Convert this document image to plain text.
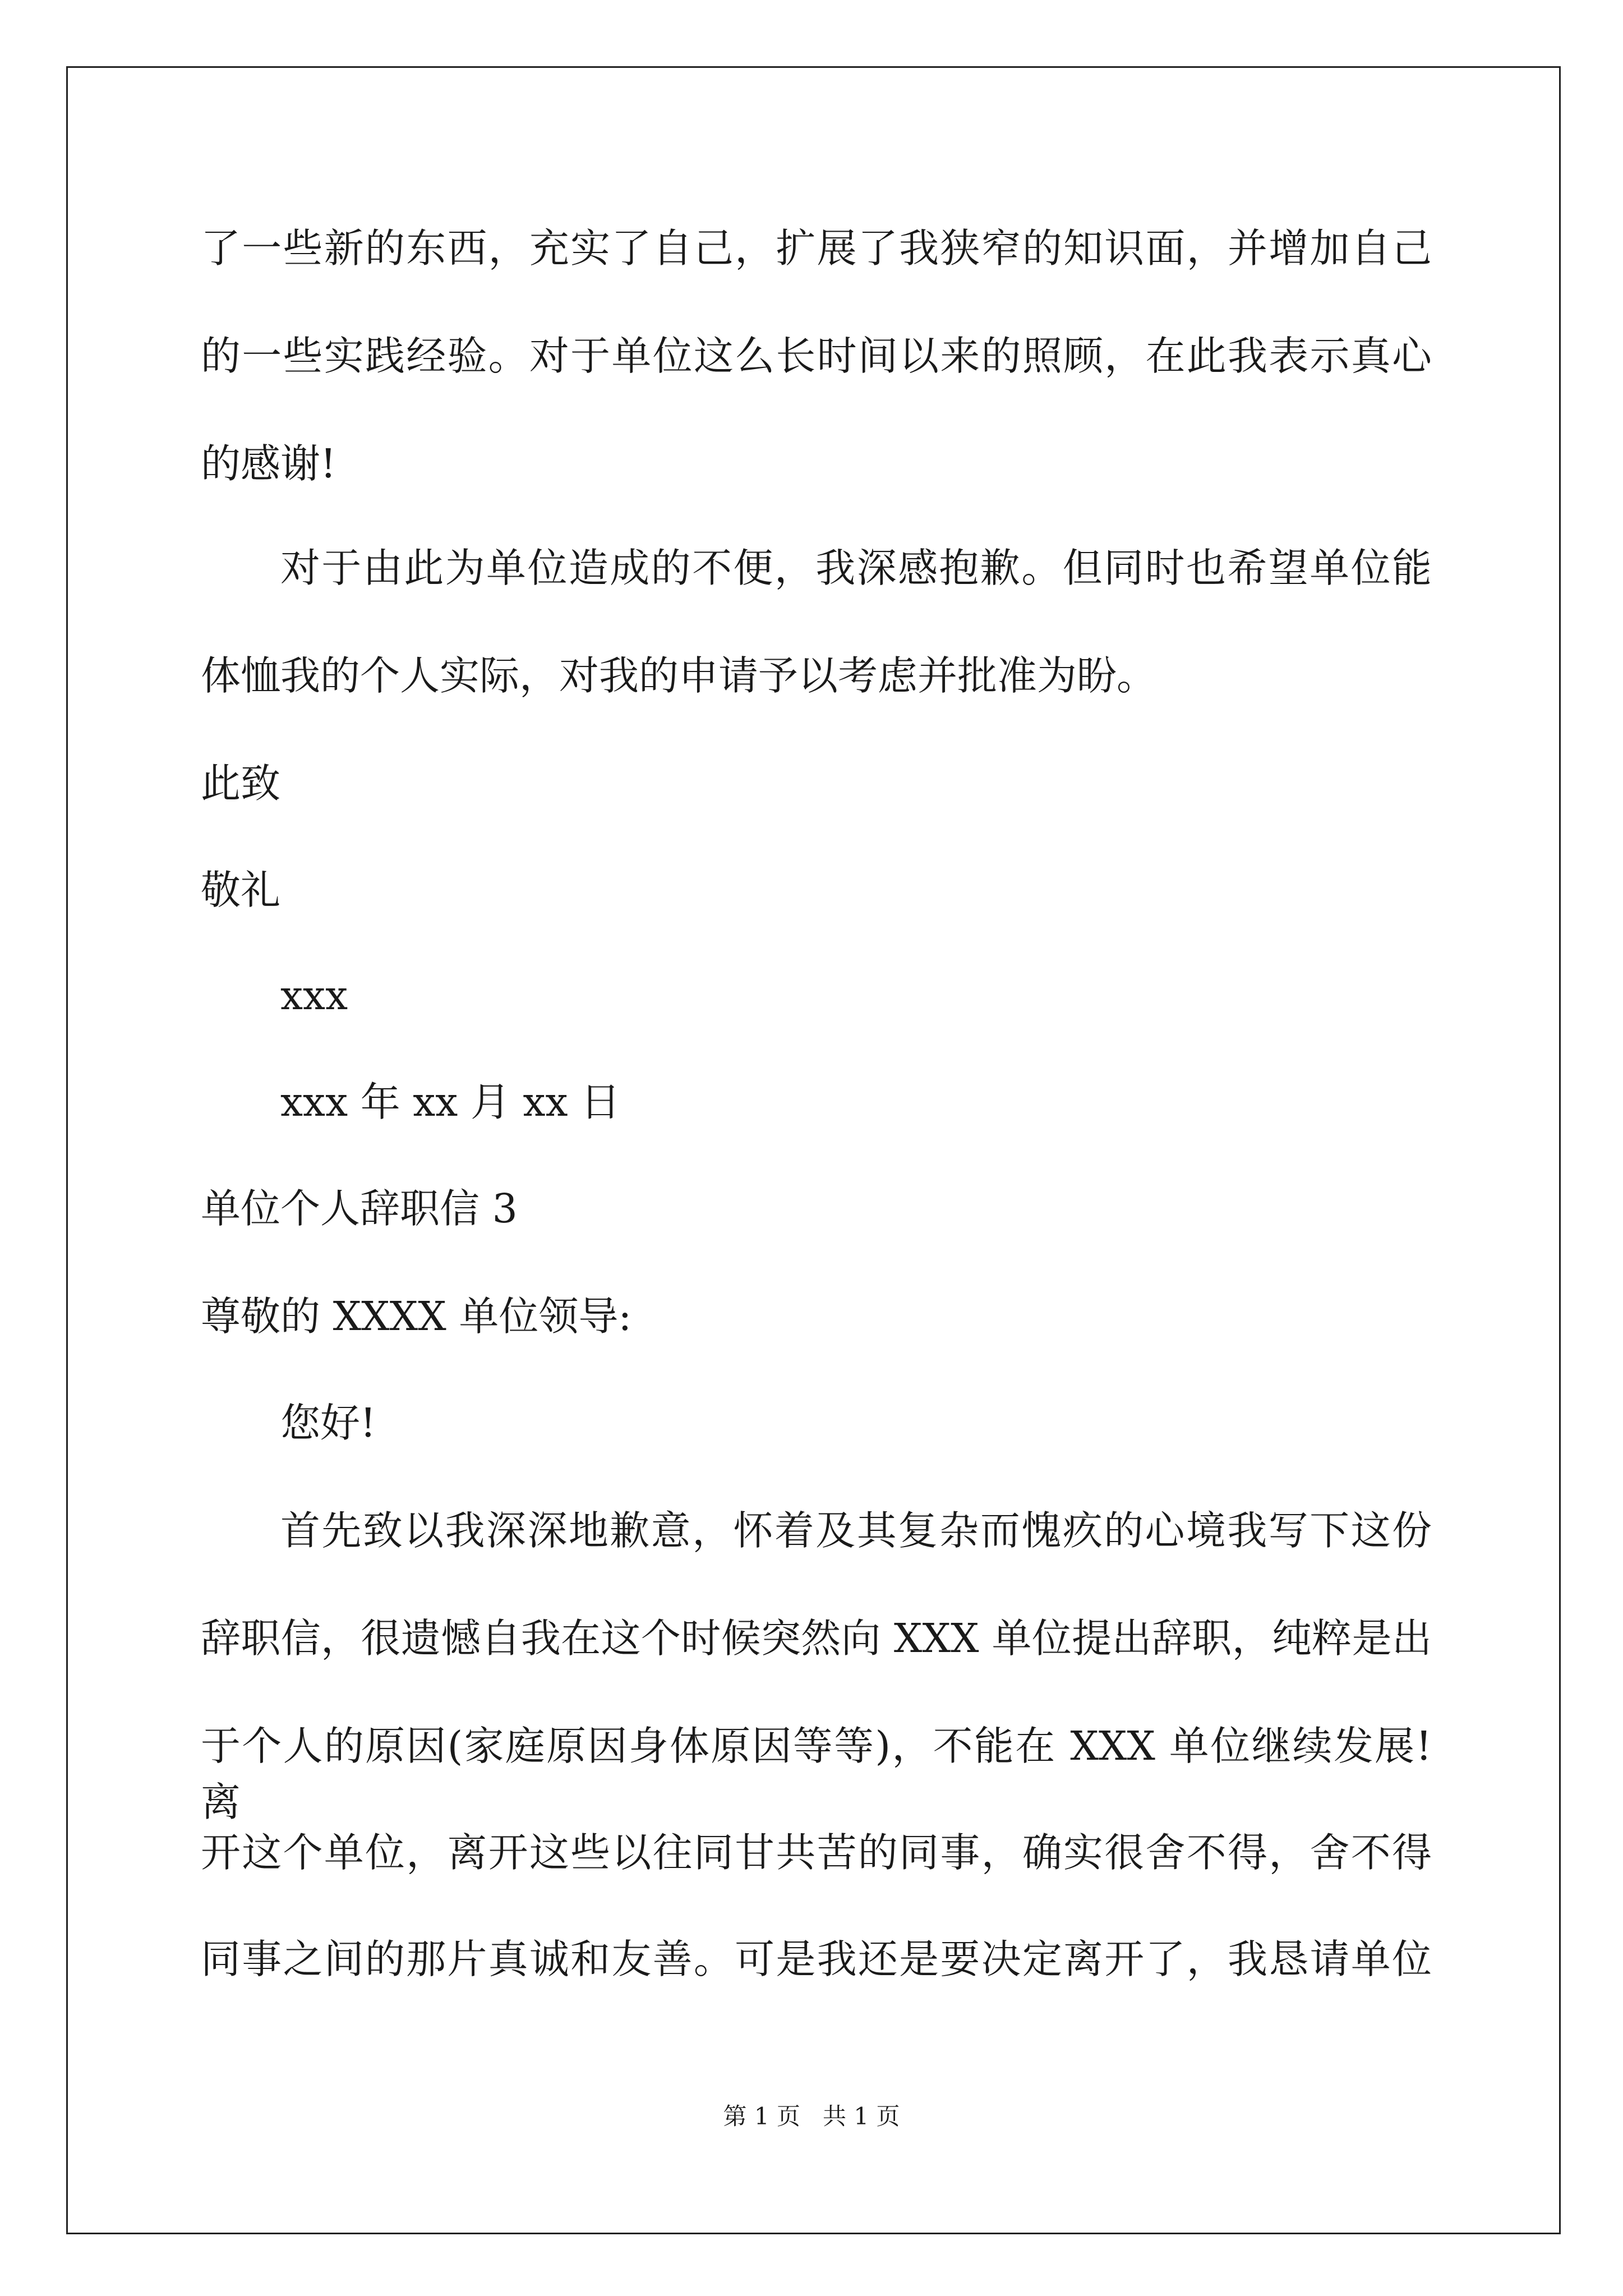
了一些新的东西，充实了自己，扩展了我狭窄的知识面，并增加自己
的一些实践经验。对于单位这么长时间以来的照顾，在此我表示真心
的感谢!
对于由此为单位造成的不便，我深感抱歉。但同时也希望单位能
体恤我的个人实际，对我的申请予以考虑并批准为盼。
此致
敬礼
xxx
xxx 年 xx 月 xx 日
单位个人辞职信 3
尊敬的 XXXX 单位领导:
您好!
首先致以我深深地歉意，怀着及其复杂而愧疚的心境我写下这份
辞职信，很遗憾自我在这个时候突然向 XXX 单位提出辞职，纯粹是出
于个人的原因(家庭原因身体原因等等)，不能在 XXX 单位继续发展!离
开这个单位，离开这些以往同甘共苦的同事，确实很舍不得，舍不得
同事之间的那片真诚和友善。可是我还是要决定离开了，我恳请单位
第 1 页   共 1 页
